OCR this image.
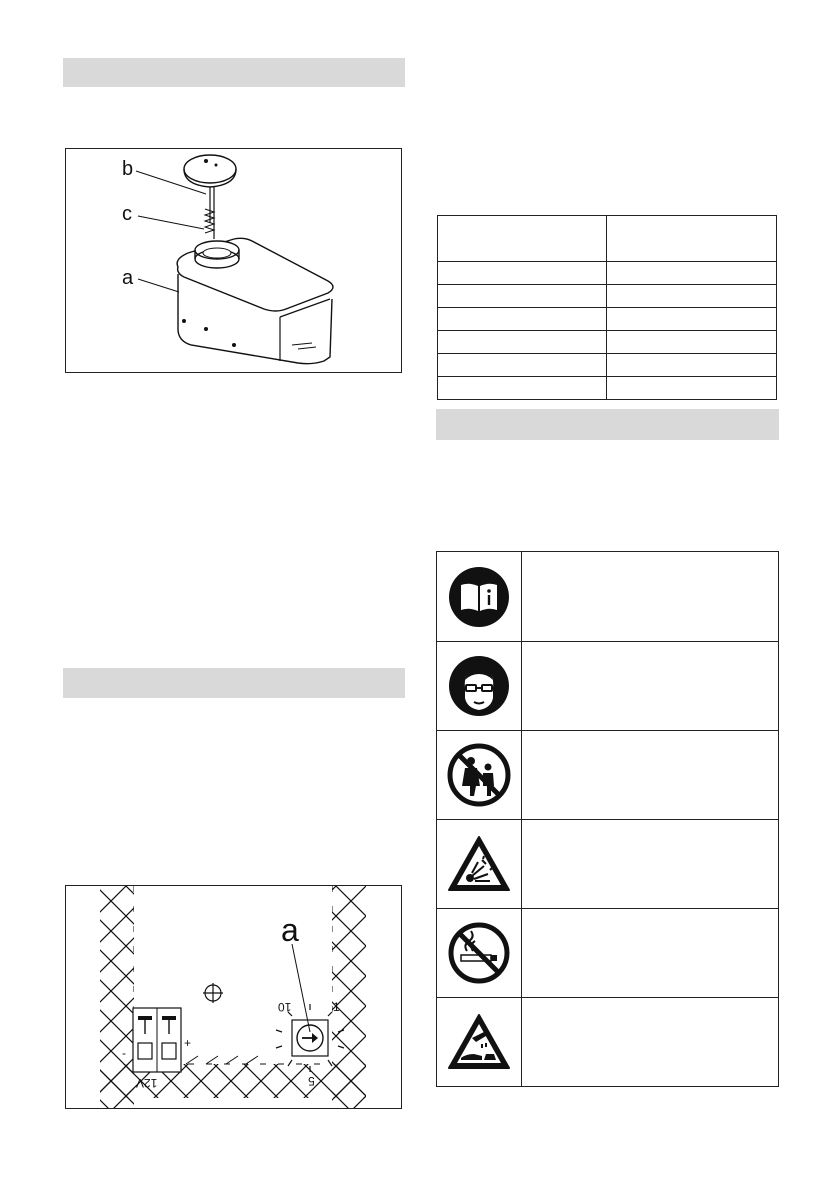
b
c
a
a
10	1
5
12V
+
-
